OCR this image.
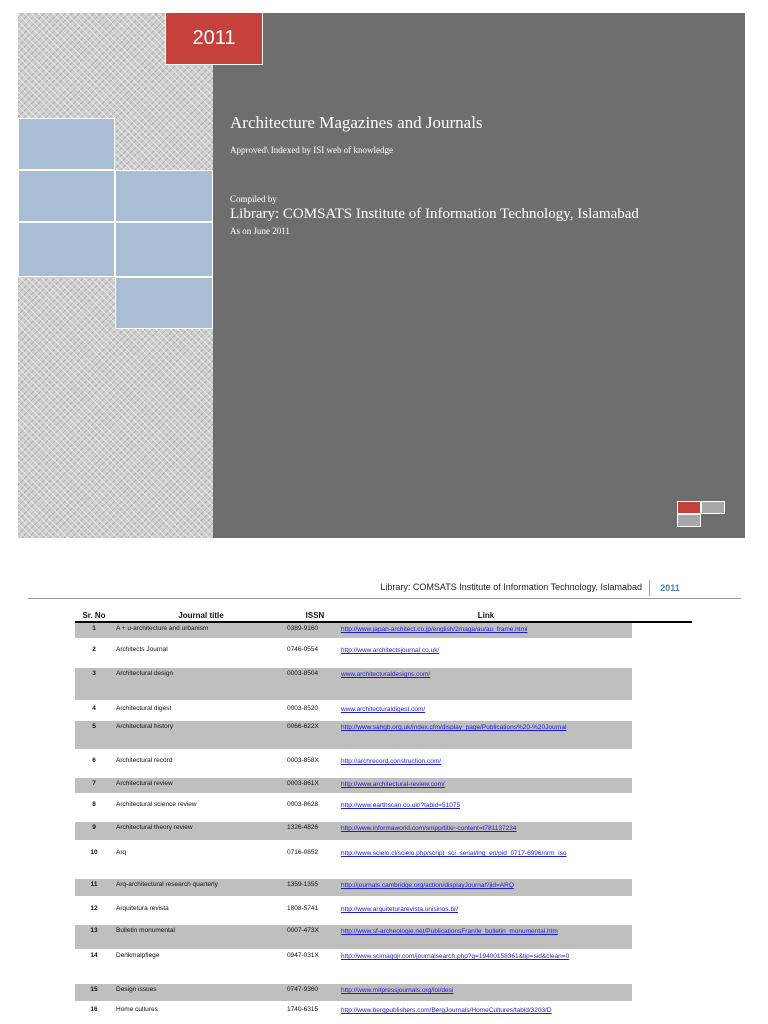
2011
Architecture Magazines and Journals
Approved\ Indexed by ISI web of knowledge
Compiled by
Library: COMSATS Institute of Information Technology, Islamabad
As on June 2011
Library: COMSATS Institute of Information Technology, Islamabad	2011
Sr. No	Journal title	ISSN	Link
1	A + u-architecture and urbanism	0389-9160	http://www.japan-architect.co.jp/english/2maga/au/au_frame.html
2	Architects Journal	0746-0554	http://www.architectsjournal.co.uk/
3	Architectural design	0003-8504	www.architecturaldesigns.com/
4	Architectural digest	0003-8520	www.architecturaldigest.com/
5	Architectural history	0066-622X	http://www.sahgb.org.uk/index.cfm/display_page/Publications%20-%20Journal
6	Architectural record	0003-858X	http://archrecord.construction.com/
7	Architectural review	0003-861X	http://www.architectural-review.com/
8	Architectural science review	0003-8628	http://www.earthscan.co.uk/?tabid=51075
9	Architectural theory review	1326-4826	http://www.informaworld.com/smpp/title~content=t781137234
10	Arq	0716-0852	http://www.scielo.cl/scielo.php/script_sci_serial/lng_en/pid_0717-6996/nrm_iso
11	Arq-architectural research quarterly	1359-1355	http://journals.cambridge.org/action/displayJournal?jid=ARQ
12	Arquitetura revista	1808-5741	http://www.arquiteturarevista.unisinos.br/
13	Bulletin monumental	0007-473X	http://www.sf-archeologie.net/PublicationsFran/le_bulletin_monumental.htm
14	Denkmalpflege	0947-031X	http://www.scimagojr.com/journalsearch.php?q=19400158361&tip=sid&clean=0
15	Design issues	0747-9360	http://www.mitpressjournals.org/loi/desi
16	Home cultures	1740-6315	http://www.bergpublishers.com/BergJournals/HomeCultures/tabid/3203/D
